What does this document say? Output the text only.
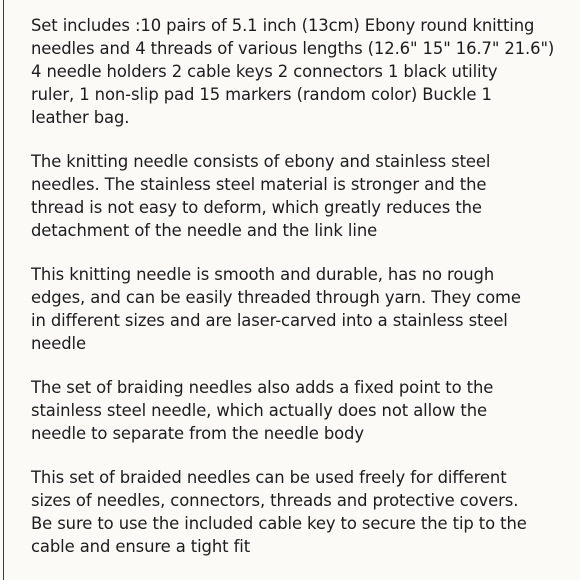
Set includes :10 pairs of 5.1 inch (13cm) Ebony round knitting
needles and 4 threads of various lengths (12.6" 15" 16.7" 21.6")
4 needle holders 2 cable keys 2 connectors 1 black utility
ruler, 1 non-slip pad 15 markers (random color) Buckle 1
leather bag.

The knitting needle consists of ebony and stainless steel
needles. The stainless steel material is stronger and the
thread is not easy to deform, which greatly reduces the
detachment of the needle and the link line

This knitting needle is smooth and durable, has no rough
edges, and can be easily threaded through yarn. They come
in different sizes and are laser-carved into a stainless steel
needle

The set of braiding needles also adds a fixed point to the
stainless steel needle, which actually does not allow the
needle to separate from the needle body

This set of braided needles can be used freely for different
sizes of needles, connectors, threads and protective covers.
Be sure to use the included cable key to secure the tip to the
cable and ensure a tight fit
